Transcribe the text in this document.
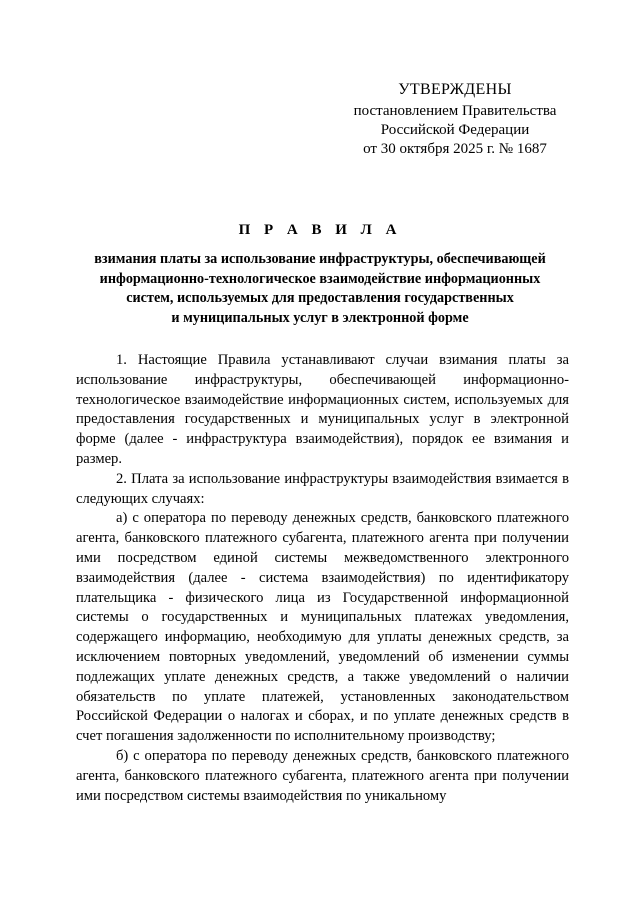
УТВЕРЖДЕНЫ
постановлением Правительства
Российской Федерации
от 30 октября 2025 г. № 1687
П Р А В И Л А
взимания платы за использование инфраструктуры, обеспечивающей
информационно-технологическое взаимодействие информационных
систем, используемых для предоставления государственных
и муниципальных услуг в электронной форме

1. Настоящие Правила устанавливают случаи взимания платы за использование инфраструктуры, обеспечивающей информационно-технологическое взаимодействие информационных систем, используемых для предоставления государственных и муниципальных услуг в электронной форме (далее - инфраструктура взаимодействия), порядок ее взимания и размер.

2. Плата за использование инфраструктуры взаимодействия взимается в следующих случаях:

а) с оператора по переводу денежных средств, банковского платежного агента, банковского платежного субагента, платежного агента при получении ими посредством единой системы межведомственного электронного взаимодействия (далее - система взаимодействия) по идентификатору плательщика - физического лица из Государственной информационной системы о государственных и муниципальных платежах уведомления, содержащего информацию, необходимую для уплаты денежных средств, за исключением повторных уведомлений, уведомлений об изменении суммы подлежащих уплате денежных средств, а также уведомлений о наличии обязательств по уплате платежей, установленных законодательством Российской Федерации о налогах и сборах, и по уплате денежных средств в счет погашения задолженности по исполнительному производству;

б) с оператора по переводу денежных средств, банковского платежного агента, банковского платежного субагента, платежного агента при получении ими посредством системы взаимодействия по уникальному
